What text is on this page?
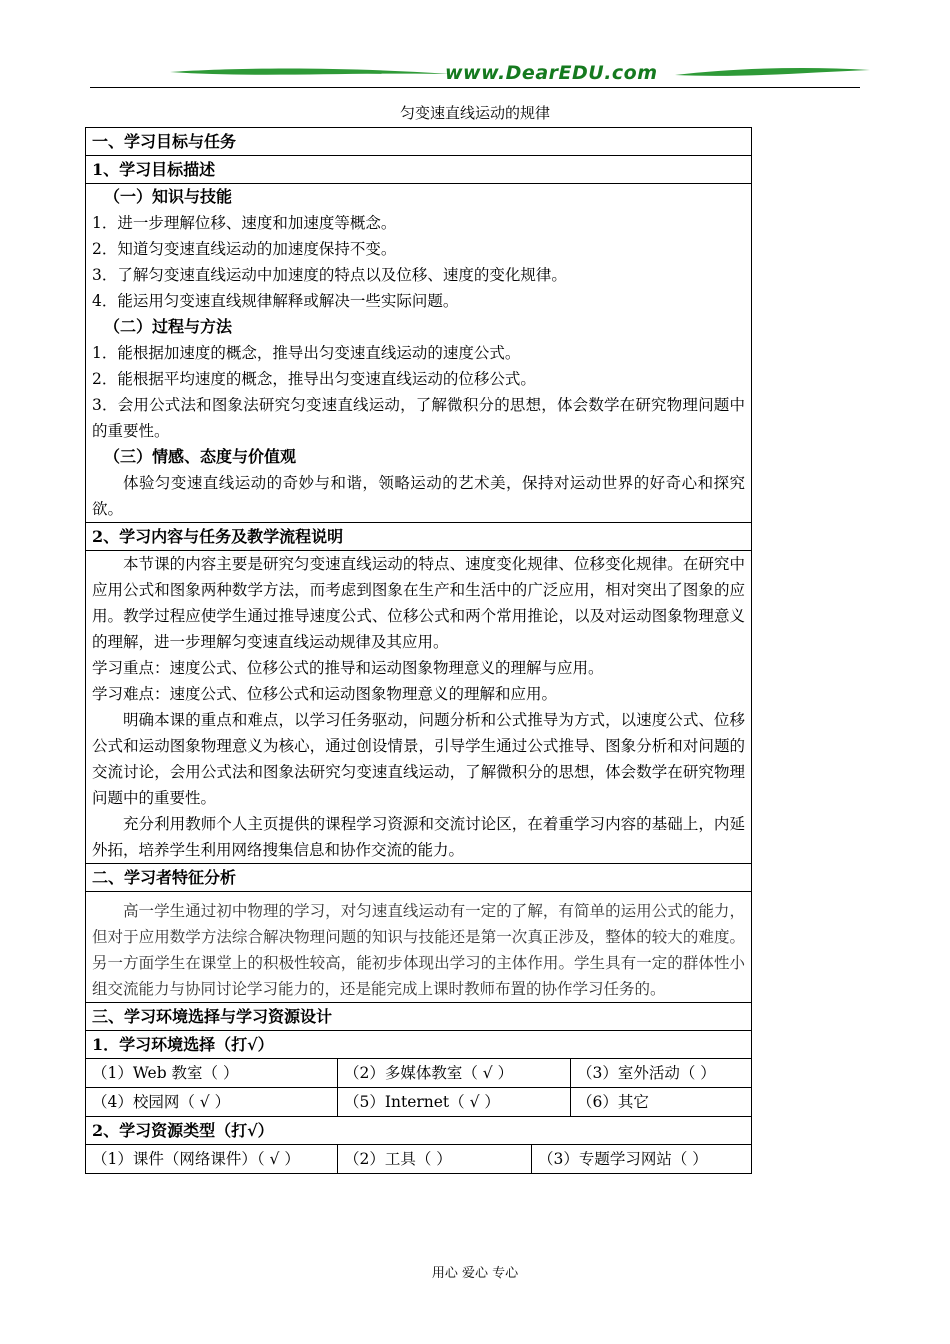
www.DearEDU.com
匀变速直线运动的规律
一、学习目标与任务
1、学习目标描述
（一）知识与技能
1．进一步理解位移、速度和加速度等概念。
2．知道匀变速直线运动的加速度保持不变。
3．了解匀变速直线运动中加速度的特点以及位移、速度的变化规律。
4．能运用匀变速直线规律解释或解决一些实际问题。
（二）过程与方法
1．能根据加速度的概念，推导出匀变速直线运动的速度公式。
2．能根据平均速度的概念，推导出匀变速直线运动的位移公式。
3．会用公式法和图象法研究匀变速直线运动，了解微积分的思想，体会数学在研究物理问题中的重要性。
（三）情感、态度与价值观
体验匀变速直线运动的奇妙与和谐，领略运动的艺术美，保持对运动世界的好奇心和探究欲。
2、学习内容与任务及教学流程说明
本节课的内容主要是研究匀变速直线运动的特点、速度变化规律、位移变化规律。在研究中应用公式和图象两种数学方法，而考虑到图象在生产和生活中的广泛应用，相对突出了图象的应用。教学过程应使学生通过推导速度公式、位移公式和两个常用推论，以及对运动图象物理意义的理解，进一步理解匀变速直线运动规律及其应用。
学习重点：速度公式、位移公式的推导和运动图象物理意义的理解与应用。
学习难点：速度公式、位移公式和运动图象物理意义的理解和应用。
明确本课的重点和难点，以学习任务驱动，问题分析和公式推导为方式，以速度公式、位移公式和运动图象物理意义为核心，通过创设情景，引导学生通过公式推导、图象分析和对问题的交流讨论，会用公式法和图象法研究匀变速直线运动，了解微积分的思想，体会数学在研究物理问题中的重要性。
充分利用教师个人主页提供的课程学习资源和交流讨论区，在着重学习内容的基础上，内延外拓，培养学生利用网络搜集信息和协作交流的能力。
二、学习者特征分析
高一学生通过初中物理的学习，对匀速直线运动有一定的了解，有简单的运用公式的能力，但对于应用数学方法综合解决物理问题的知识与技能还是第一次真正涉及，整体的较大的难度。另一方面学生在课堂上的积极性较高，能初步体现出学习的主体作用。学生具有一定的群体性小组交流能力与协同讨论学习能力的，还是能完成上课时教师布置的协作学习任务的。
三、学习环境选择与学习资源设计
1．学习环境选择（打√）
（1）Web 教室（ ）	（2）多媒体教室（ √ ）	（3）室外活动（ ）
（4）校园网（ √ ）	（5）Internet（ √ ）	（6）其它
2、学习资源类型（打√）
（1）课件（网络课件）（ √ ）	（2）工具（ ）	（3）专题学习网站（ ）
用心 爱心 专心
